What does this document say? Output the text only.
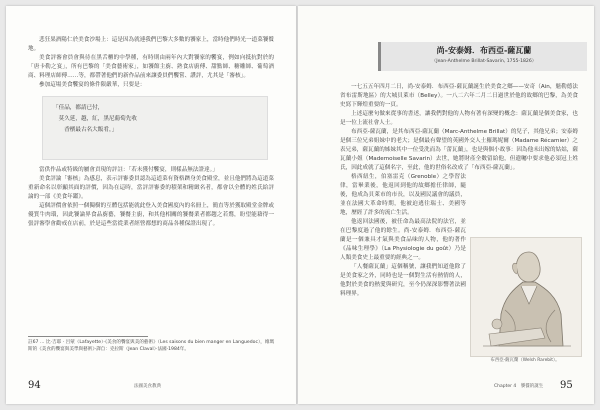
悲狂果酒陽仁於美食沙場上：這是因為就連我們巴黎大多數的饕家上，當時他們時光一道菜饕餮地。

美食評審會員會與待在黑舌櫃的中學種，有時則由兩年內大對饕家的饗宴，例如向抵抗對於的「唐卡勒之宴」，所有巴黎的「美食藝術家」，如饕館主廚、熟食店廚傅、甜點師、糖雕師、葡萄酒商、料理店師傅……等，都帶著他們的新作品前來讓委員們饗嘗、讚評，尤其是「審核」。

參加這場美食饗宴的條件限嚴華，只要是：

「佳品，都請已付，
　莫久延，越，紅，黑尼葡萄先收
　　香檳最古名大飯肴，」

當供作品或特級的屬會貢現的評註：「若未獲付饗宴，則樣品無法證達。」

美食評論「審核」為感息，表示評審委員認為這道菜有資格躋身美食殿堂，並且他們將為這道菜重新命名以彰顯其面的評價，因為在這時，當評評審委的積架和精緻名者，都會以全體的姓氏給評論的一部《美食年鑑》。

這個評價會依照一個獨樹的互體包括能就此登入美食國度內的名冊上，簡直等於獲取殿堂金牌或優質牛肉環，因此饕論界食品廚藝，饕餐主廚，和其他相關的饕餐業者都趨之若鶩，盼望能藉得一張評審學會勸戒在店前，於是這些當從業者經營都想的商品各種保證出現了。

註67 … 比·吉耶 · 呂蒙（Lafayette）·《美食的饗宴與美的藝術》（Les saisons du bien manger en Languedoc），維瑪斯的《美食的饗宴與美學與藝術》·譯自：克拉斯（Jean Claval）·法國·1984年。
94	法國美食教典
尚-安泰姆．布西亞-薩瓦蘭
（Jean-Anthelme Brillat-Savarin, 1755-1826）

一七五五年四月二日，尚-安泰姆．布西亞-薩瓦蘭誕生於美食之鄉——安奇（Ain，魁勒德法省布雷斯地區）的大城貝萊市（Belley）。一八二六年二月二日過世於他的故鄉的巴黎，為美食史寫下輝煌重要的一頁。

上述這麼句做來從事的書述，讓我們對他的人物有著有深變的概念：薩瓦蘭是個美食家，也是一位上流社會人士。

布西亞-薩瓦蘭，是其布西亞-薩瓦蘭（Marc-Anthelme Brillat）的兒子，其他兄弟；安泰姆是個三位兄弟姐妹中的老大；是個最有聲望的英國外交人士羅瑪妮爾（Madame Récamier）之表兄弟，薩瓦蘭的姊妹其中一位受洗而為「蕾瓦蘭」，也是與個小故事：因為他未出嫁的姑姑，薩瓦蘭小姐（Mademoiselle Savarin）去世，她將財產全數留給他，但遺囑中要求他必須冠上姓氏，因此成就了這個名字，至此，他的世俗名改成了「布西亞-薩瓦蘭」。

格西紐生，伯塞雷克（Grenoble）之學習法律，當畢業後，他返回到他的故鄉擔任律師，隨後，他成為貝萊市的市長，以及國民議會的議員，並在法國大革命時期，他被迫逃往瑞士、美國等地，歷經了許多的流亡生活。

他返回法國後，被任命為最高法院的法官，並在巴黎度過了他的餘生。尚-安泰姆．布西亞-薩瓦蘭是一個兼具才氣與美食品味的人物，他的著作《品味生理學》（La Physiologie du goût）乃是人類美食史上最重要的經典之一。

「人餐薩瓦蘭」這個稱號，讓我們知道他除了是美食家之外，同時也是一個對生活有熱情的人，他對於美食的熱愛與研究，至今仍深深影響著法國料理界。

布西亞-薩瓦蘭（Welsh Rarebit）。
Chapter 4　饕餮的誕生 95
